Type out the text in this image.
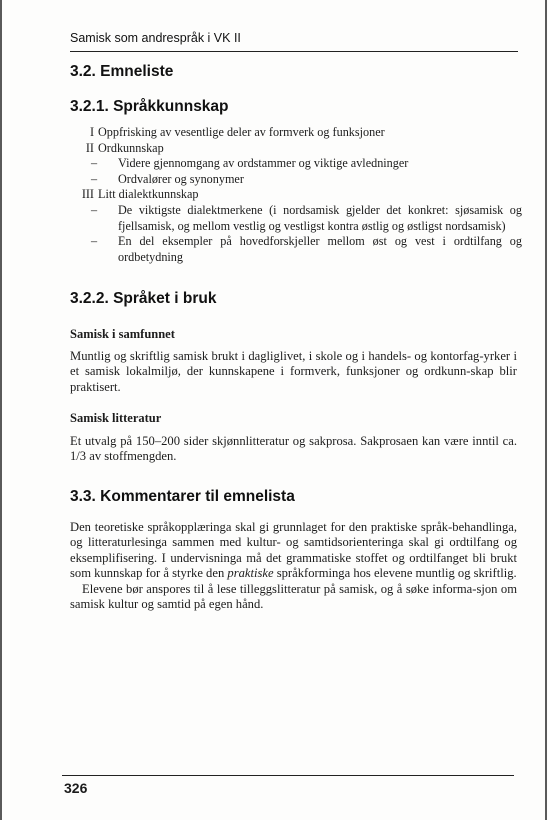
Samisk som andrespråk i VK II
3.2. Emneliste
3.2.1. Språkkunnskap
I Oppfrisking av vesentlige deler av formverk og funksjoner
II Ordkunnskap
–	Videre gjennomgang av ordstammer og viktige avledninger
–	Ordvalører og synonymer
III Litt dialektkunnskap
–	De viktigste dialektmerkene (i nordsamisk gjelder det konkret: sjøsamisk og fjellsamisk, og mellom vestlig og vestligst kontra østlig og østligst nordsamisk)
–	En del eksempler på hovedforskjeller mellom øst og vest i ordtilfang og ordbetydning
3.2.2. Språket i bruk
Samisk i samfunnet

Muntlig og skriftlig samisk brukt i dagliglivet, i skole og i handels- og kontorfag-yrker i et samisk lokalmiljø, der kunnskapene i formverk, funksjoner og ordkunn-skap blir praktisert.

Samisk litteratur

Et utvalg på 150–200 sider skjønnlitteratur og sakprosa. Sakprosaen kan være inntil ca. 1/3 av stoffmengden.

3.3. Kommentarer til emnelista
Den teoretiske språkopplæringa skal gi grunnlaget for den praktiske språk-behandlinga, og litteraturlesinga sammen med kultur- og samtidsorienteringa skal gi ordtilfang og eksemplifisering. I undervisninga må det grammatiske stoffet og ordtilfanget bli brukt som kunnskap for å styrke den praktiske språkforminga hos elevene muntlig og skriftlig.
Elevene bør anspores til å lese tilleggslitteratur på samisk, og å søke informa-sjon om samisk kultur og samtid på egen hånd.
326
